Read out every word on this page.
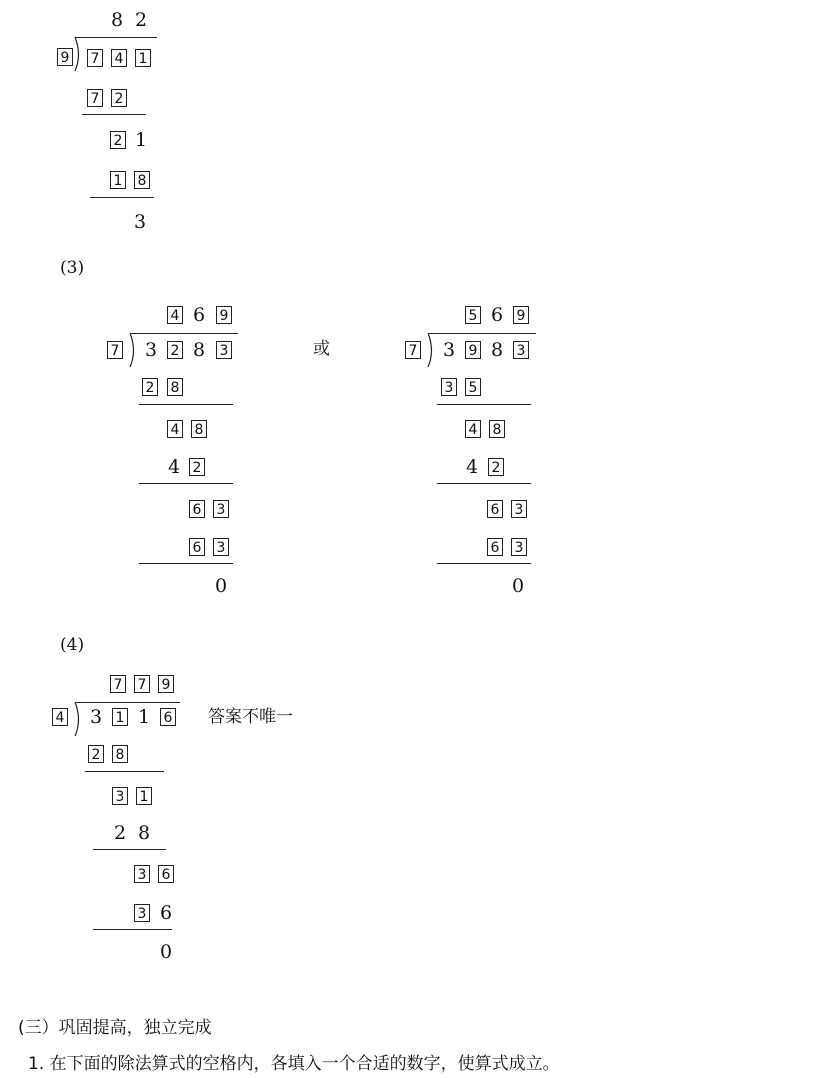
8 2
9 7 4 1
7 2
2 1
1 8
3
(3)
4 6 9
7 3 2 8 3
2 8
4 8
4 2
6 3
6 3
0
或
5 6 9
7 3 9 8 3
3 5
4 8
4 2
6 3
6 3
0
(4)
7 7 9
4 3 1 1 6 答案不唯一
2 8
3 1
2 8
3 6
3 6
0
(三）巩固提高，独立完成
1. 在下面的除法算式的空格内，各填入一个合适的数字，使算式成立。
